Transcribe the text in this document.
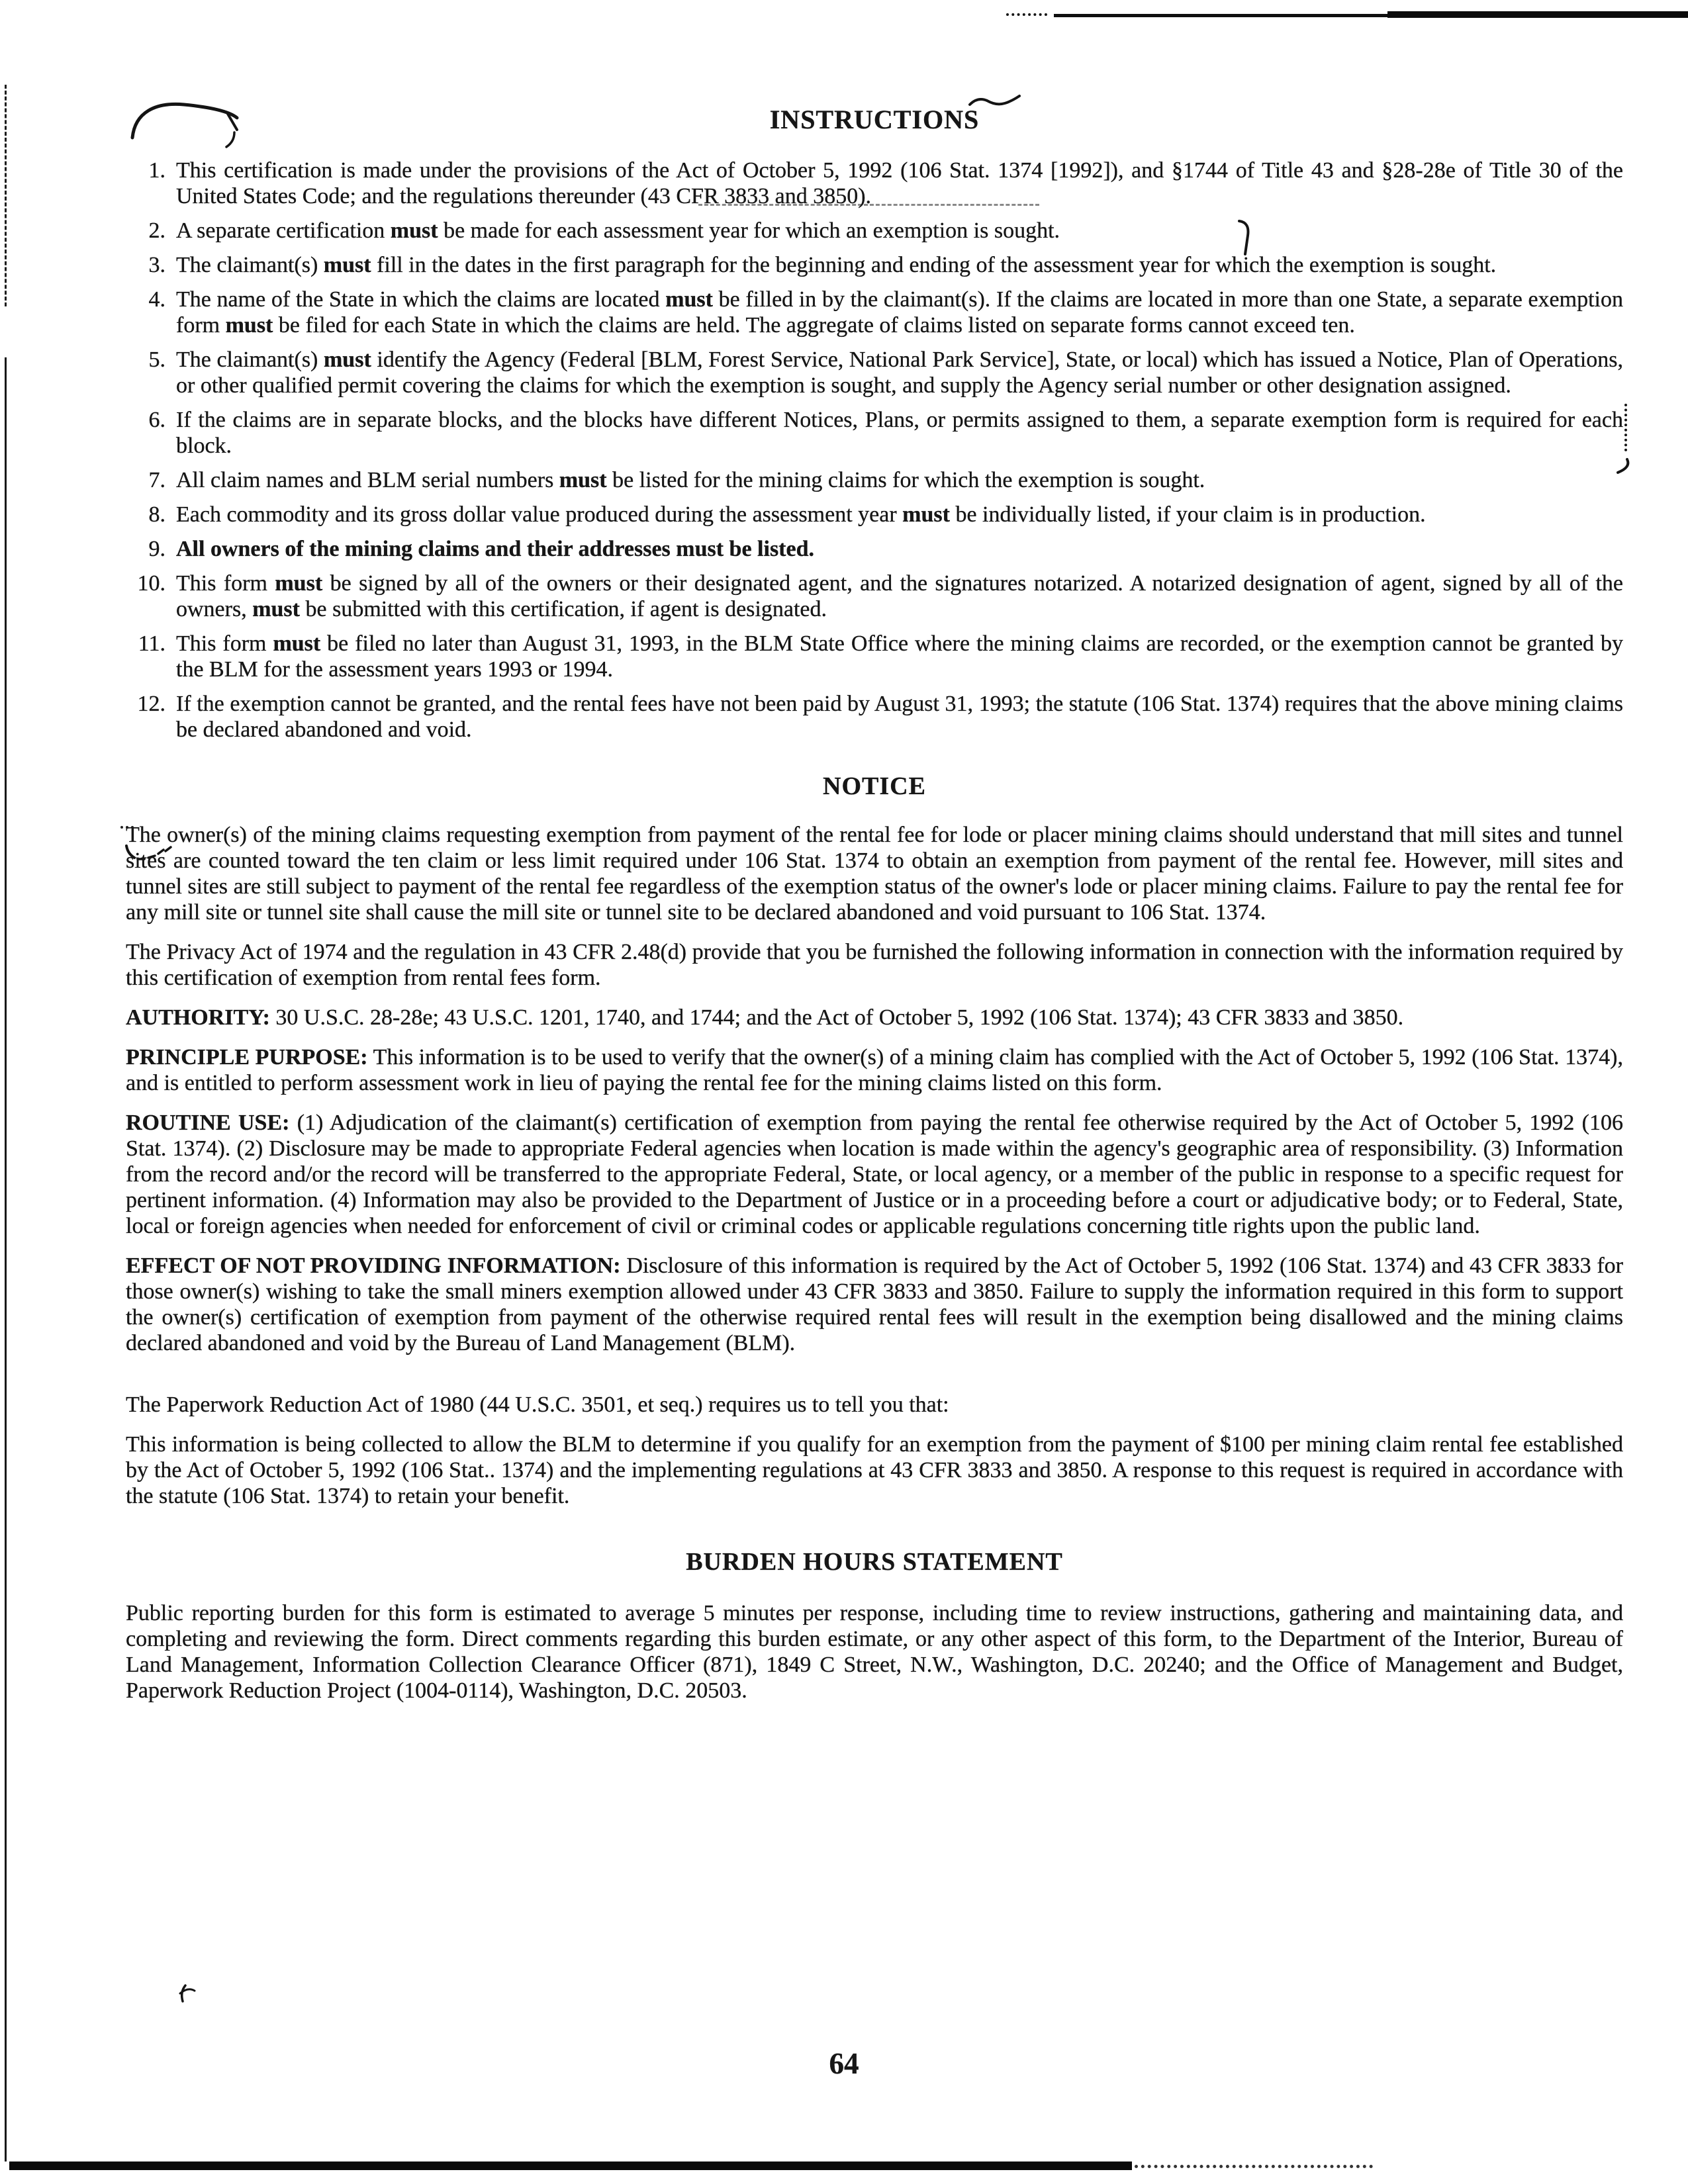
INSTRUCTIONS
1. This certification is made under the provisions of the Act of October 5, 1992 (106 Stat. 1374 [1992]), and §1744 of Title 43 and §28-28e of Title 30 of the United States Code; and the regulations thereunder (43 CFR 3833 and 3850).
2. A separate certification must be made for each assessment year for which an exemption is sought.
3. The claimant(s) must fill in the dates in the first paragraph for the beginning and ending of the assessment year for which the exemption is sought.
4. The name of the State in which the claims are located must be filled in by the claimant(s). If the claims are located in more than one State, a separate exemption form must be filed for each State in which the claims are held. The aggregate of claims listed on separate forms cannot exceed ten.
5. The claimant(s) must identify the Agency (Federal [BLM, Forest Service, National Park Service], State, or local) which has issued a Notice, Plan of Operations, or other qualified permit covering the claims for which the exemption is sought, and supply the Agency serial number or other designation assigned.
6. If the claims are in separate blocks, and the blocks have different Notices, Plans, or permits assigned to them, a separate exemption form is required for each block.
7. All claim names and BLM serial numbers must be listed for the mining claims for which the exemption is sought.
8. Each commodity and its gross dollar value produced during the assessment year must be individually listed, if your claim is in production.
9. All owners of the mining claims and their addresses must be listed.
10. This form must be signed by all of the owners or their designated agent, and the signatures notarized. A notarized designation of agent, signed by all of the owners, must be submitted with this certification, if agent is designated.
11. This form must be filed no later than August 31, 1993, in the BLM State Office where the mining claims are recorded, or the exemption cannot be granted by the BLM for the assessment years 1993 or 1994.
12. If the exemption cannot be granted, and the rental fees have not been paid by August 31, 1993; the statute (106 Stat. 1374) requires that the above mining claims be declared abandoned and void.
NOTICE

The owner(s) of the mining claims requesting exemption from payment of the rental fee for lode or placer mining claims should understand that mill sites and tunnel sites are counted toward the ten claim or less limit required under 106 Stat. 1374 to obtain an exemption from payment of the rental fee. However, mill sites and tunnel sites are still subject to payment of the rental fee regardless of the exemption status of the owner's lode or placer mining claims. Failure to pay the rental fee for any mill site or tunnel site shall cause the mill site or tunnel site to be declared abandoned and void pursuant to 106 Stat. 1374.

The Privacy Act of 1974 and the regulation in 43 CFR 2.48(d) provide that you be furnished the following information in connection with the information required by this certification of exemption from rental fees form.

AUTHORITY: 30 U.S.C. 28-28e; 43 U.S.C. 1201, 1740, and 1744; and the Act of October 5, 1992 (106 Stat. 1374); 43 CFR 3833 and 3850.

PRINCIPLE PURPOSE: This information is to be used to verify that the owner(s) of a mining claim has complied with the Act of October 5, 1992 (106 Stat. 1374), and is entitled to perform assessment work in lieu of paying the rental fee for the mining claims listed on this form.

ROUTINE USE: (1) Adjudication of the claimant(s) certification of exemption from paying the rental fee otherwise required by the Act of October 5, 1992 (106 Stat. 1374). (2) Disclosure may be made to appropriate Federal agencies when location is made within the agency's geographic area of responsibility. (3) Information from the record and/or the record will be transferred to the appropriate Federal, State, or local agency, or a member of the public in response to a specific request for pertinent information. (4) Information may also be provided to the Department of Justice or in a proceeding before a court or adjudicative body; or to Federal, State, local or foreign agencies when needed for enforcement of civil or criminal codes or applicable regulations concerning title rights upon the public land.

EFFECT OF NOT PROVIDING INFORMATION: Disclosure of this information is required by the Act of October 5, 1992 (106 Stat. 1374) and 43 CFR 3833 for those owner(s) wishing to take the small miners exemption allowed under 43 CFR 3833 and 3850. Failure to supply the information required in this form to support the owner(s) certification of exemption from payment of the otherwise required rental fees will result in the exemption being disallowed and the mining claims declared abandoned and void by the Bureau of Land Management (BLM).

The Paperwork Reduction Act of 1980 (44 U.S.C. 3501, et seq.) requires us to tell you that:

This information is being collected to allow the BLM to determine if you qualify for an exemption from the payment of $100 per mining claim rental fee established by the Act of October 5, 1992 (106 Stat.. 1374) and the implementing regulations at 43 CFR 3833 and 3850. A response to this request is required in accordance with the statute (106 Stat. 1374) to retain your benefit.

BURDEN HOURS STATEMENT

Public reporting burden for this form is estimated to average 5 minutes per response, including time to review instructions, gathering and maintaining data, and completing and reviewing the form. Direct comments regarding this burden estimate, or any other aspect of this form, to the Department of the Interior, Bureau of Land Management, Information Collection Clearance Officer (871), 1849 C Street, N.W., Washington, D.C. 20240; and the Office of Management and Budget, Paperwork Reduction Project (1004-0114), Washington, D.C. 20503.

64
